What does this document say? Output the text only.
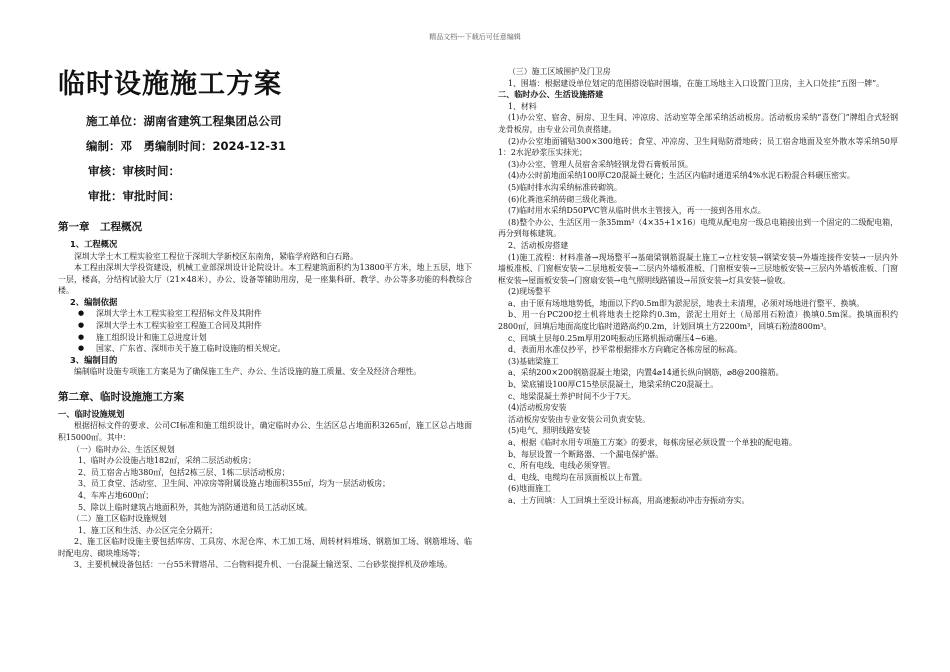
精品文档---下载后可任意编辑
临时设施施工方案
施工单位：湖南省建筑工程集团总公司
编制：邓　勇编制时间：2024-12-31
审核：审核时间：
审批：审批时间：
第一章　工程概况
1、工程概况

深圳大学土木工程实验室工程位于深圳大学新校区东南角，紧临学府路和白石路。

本工程由深圳大学投资建设，机械工业部深圳设计论院设计。本工程建筑面积约为13800平方米，地上五层，地下一层，楼高，分结构试验大厅（21×48米），办公、设备等辅助用房，是一座集科研、教学、办公等多功能的科教综合楼。

2、编制依据
●	深圳大学土木工程实验室工程招标文件及其附件
●	深圳大学土木工程实验室工程施工合同及其附件
●	施工组织设计和施工总进度计划
●	国家、广东省、深圳市关于施工临时设施的相关规定。
3、编制目的

编制临时设施专项施工方案是为了确保施工生产、办公、生活设施的施工质量、安全及经济合理性。

第二章、临时设施施工方案
一、临时设施规划

根据招标文件的要求、公司CI标准和施工组织设计，确定临时办公、生活区总占地面积3265㎡，施工区总占地面积15000㎡。其中：

（一）临时办公、生活区规划

1、临时办公设施占地182㎡，采纳二层活动板房；

2、员工宿舍占地380㎡，包括2栋三层、1栋二层活动板房；

3、员工食堂、活动室、卫生间、冲凉房等附属设施占地面积355㎡，均为一层活动板房；

4、车库占地600㎡；

5、除以上临时建筑占地面积外，其他为消防通道和员工活动区域。

（二）施工区临时设施规划

1、施工区和生活、办公区完全分隔开；

2、施工区临时设施主要包括库房、工具房、水泥仓库、木工加工场、周转材料堆场、钢筋加工场、钢筋堆场、临时配电房、砌块堆场等；

3、主要机械设备包括：一台55米臂塔吊、二台物料提升机、一台混凝土输送泵、二台砂浆搅拌机及砂堆场。

（三）施工区域围护及门卫房

1、围墙：根据建设单位划定的范围搭设临时围墙，在施工场地主入口设置门卫房，主入口处挂“五图一牌”。

二、临时办公、生活设施搭建

1、材料

(1)办公室、宿舍、厨房、卫生间、冲凉房、活动室等全部采纳活动板房。活动板房采纳“喜登门”牌组合式轻钢龙骨板房，由专业公司负责搭建。

(2)办公室地面铺贴300×300地砖；食堂、冲凉房、卫生间贴防滑地砖；员工宿舍地面及室外散水等采纳50厚1：2水泥砂浆压实抹光；

(3)办公室、管理人员宿舍采纳轻钢龙骨石膏板吊顶。

(4)办公时前地面采纳100厚C20混凝土硬化；生活区内临时通道采纳4%水泥石粉混合料碾压密实。

(5)临时排水沟采纳标准砖砌筑。

(6)化粪池采纳砖砌三级化粪池。

(7)临时用水采纳D50PVC管从临时供水主管接入，再一一接到各用水点。

(8)整个办公、生活区用一条35mm²（4×35+1×16）电缆从配电房一级总电箱接出到一个固定的二级配电箱，再分到每栋建筑。

2、活动板房搭建

(1)施工流程：材料准备→现场整平→基础梁钢筋混凝土施工→立柱安装→钢梁安装→外墙连接件安装→一层内外墙板准板、门窗框安装→二层地板安装→二层内外墙板准板、门窗框安装→三层地板安装→三层内外墙板准板、门窗框安装→屋面板安装→门窗扇安装→电气照明线路铺设→吊顶安装→灯具安装→验收。

(2)现场整平

a、由于原有场地地势低，地面以下约0.5m即为淤泥层，地表土未清理，必须对场地进行整平、换填。

b、用一台PC200挖土机将地表土挖除约0.3m，淤泥土用好土（局部用石粉渣）换填0.5m深。换填面积约2800㎡，回填后地面高度比临时道路高约0.2m，计划回填土方2200m³，回填石粉渣800m³。

c、回填土层每0.25m厚用20吨振动压路机振动碾压4~6遍。

d、表面用水准仪抄平，抄平常根据排水方向确定各栋房屋的标高。

(3)基础梁施工

a、采纳200×200钢筋混凝土地梁，内置4⌀14通长纵向钢筋，⌀8@200箍筋。

b、梁底铺设100厚C15垫层混凝土，地梁采纳C20混凝土。

c、地梁混凝土养护时间不少于7天。

(4)活动板房安装

活动板房安装由专业安装公司负责安装。

(5)电气、照明线路安装

a、根据《临时水用专项施工方案》的要求，每栋房屋必须设置一个单独的配电箱。

b、每层设置一个断路器、一个漏电保护器。

c、所有电线、电线必须穿管。

d、电线、电缆均在吊顶面板以上布置。

(6)地面施工

a、土方回填：人工回填土至设计标高，用高速振动冲击夯振动夯实。
